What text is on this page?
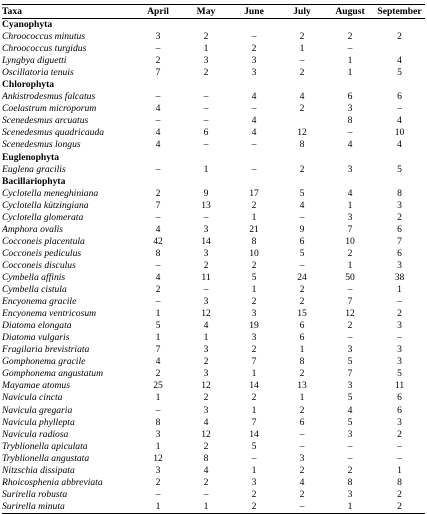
Taxa	April	May	June	July	August	September
Cyanophyta						
Chroococcus minutus	3	2	–	2	2	2
Chroococcus turgidus	–	1	2	1	–	
Lyngbya diguetti	2	3	3	–	1	4
Oscillatoria tenuis	7	2	3	2	1	5
Chlorophyta						
Ankistrodesmus falcatus	–	–	4	4	6	6
Coelastrum microporum	4	–	–	2	3	–
Scenedesmus arcuatus	–	–	4		8	4
Scenedesmus quadricauda	4	6	4	12	–	10
Scenedesmus longus	4	–	–	8	4	4
Euglenophyta						
Euglena gracilis	–	1	–	2	3	5
Bacillariophyta						
Cyclotella meneghiniana	2	9	17	5	4	8
Cyclotella kützingiana	7	13	2	4	1	3
Cyclotella glomerata	–	–	1	–	3	2
Amphora ovalis	4	3	21	9	7	6
Cocconeis placentula	42	14	8	6	10	7
Cocconeis pediculus	8	3	10	5	2	6
Cocconeis disculus	–	2	2	–	1	3
Cymbella affinis	4	11	5	24	50	38
Cymbella cistula	2	–	1	2	–	1
Encyonema gracile	–	3	2	2	7	–
Encyonema ventricosum	1	12	3	15	12	2
Diatoma elongata	5	4	19	6	2	3
Diatoma vulgaris	1	1	3	6	–	–
Fragilaria brevistriata	7	3	2	1	3	3
Gomphonema gracile	4	2	7	8	5	3
Gomphonema angustatum	2	3	1	2	7	5
Mayamae atomus	25	12	14	13	3	11
Navicula cincta	1	2	2	1	5	6
Navicula gregaria	–	3	1	2	4	6
Navicula phyllepta	8	4	7	6	5	3
Navicula radiosa	3	12	14	–	3	2
Tryblionella apiculata	1	2	5	–	–	–
Tryblionella angustata	12	8	–	3	–	–
Nitzschia dissipata	3	4	1	2	2	1
Rhoicosphenia abbreviata	2	2	3	4	8	8
Surirella robusta	–	–	2	2	3	2
Surirella minuta	1	1	2	–	1	2
